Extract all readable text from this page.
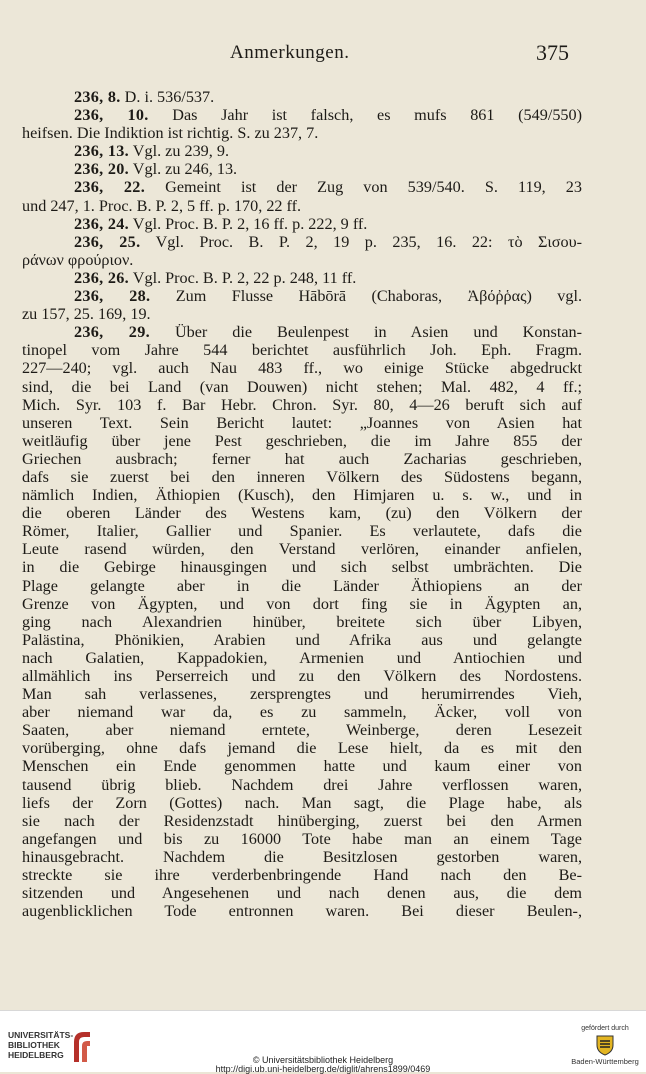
Anmerkungen.	375
236, 8. D. i. 536/537.
236, 10. Das Jahr ist falsch, es mufs 861 (549/550)
heifsen. Die Indiktion ist richtig. S. zu 237, 7.
236, 13. Vgl. zu 239, 9.
236, 20. Vgl. zu 246, 13.
236, 22. Gemeint ist der Zug von 539/540. S. 119, 23
und 247, 1. Proc. B. P. 2, 5 ff. p. 170, 22 ff.
236, 24. Vgl. Proc. B. P. 2, 16 ff. p. 222, 9 ff.
236, 25. Vgl. Proc. B. P. 2, 19 p. 235, 16. 22: τὸ Σισου-
ράνων φρούριον.
236, 26. Vgl. Proc. B. P. 2, 22 p. 248, 11 ff.
236, 28. Zum Flusse Hābōrā (Chaboras, Ἀβόῤῥας) vgl.
zu 157, 25. 169, 19.
236, 29. Über die Beulenpest in Asien und Konstan-
tinopel vom Jahre 544 berichtet ausführlich Joh. Eph. Fragm.
227—240; vgl. auch Nau 483 ff., wo einige Stücke abgedruckt
sind, die bei Land (van Douwen) nicht stehen; Mal. 482, 4 ff.;
Mich. Syr. 103 f. Bar Hebr. Chron. Syr. 80, 4—26 beruft sich auf
unseren Text. Sein Bericht lautet: „Joannes von Asien hat
weitläufig über jene Pest geschrieben, die im Jahre 855 der
Griechen ausbrach; ferner hat auch Zacharias geschrieben,
dafs sie zuerst bei den inneren Völkern des Südostens begann,
nämlich Indien, Äthiopien (Kusch), den Himjaren u. s. w., und in
die oberen Länder des Westens kam, (zu) den Völkern der
Römer, Italier, Gallier und Spanier. Es verlautete, dafs die
Leute rasend würden, den Verstand verlören, einander anfielen,
in die Gebirge hinausgingen und sich selbst umbrächten. Die
Plage gelangte aber in die Länder Äthiopiens an der
Grenze von Ägypten, und von dort fing sie in Ägypten an,
ging nach Alexandrien hinüber, breitete sich über Libyen,
Palästina, Phönikien, Arabien und Afrika aus und gelangte
nach Galatien, Kappadokien, Armenien und Antiochien und
allmählich ins Perserreich und zu den Völkern des Nordostens.
Man sah verlassenes, zersprengtes und herumirrendes Vieh,
aber niemand war da, es zu sammeln, Äcker, voll von
Saaten, aber niemand erntete, Weinberge, deren Lesezeit
vorüberging, ohne dafs jemand die Lese hielt, da es mit den
Menschen ein Ende genommen hatte und kaum einer von
tausend übrig blieb. Nachdem drei Jahre verflossen waren,
liefs der Zorn (Gottes) nach. Man sagt, die Plage habe, als
sie nach der Residenzstadt hinüberging, zuerst bei den Armen
angefangen und bis zu 16000 Tote habe man an einem Tage
hinausgebracht. Nachdem die Besitzlosen gestorben waren,
streckte sie ihre verderbenbringende Hand nach den Be-
sitzenden und Angesehenen und nach denen aus, die dem
augenblicklichen Tode entronnen waren. Bei dieser Beulen-,
UNIVERSITÄTS- BIBLIOTHEK HEIDELBERG	© Universitätsbibliothek Heidelberg
http://digi.ub.uni-heidelberg.de/diglit/ahrens1899/0469
gefördert durch
Baden-Württemberg
